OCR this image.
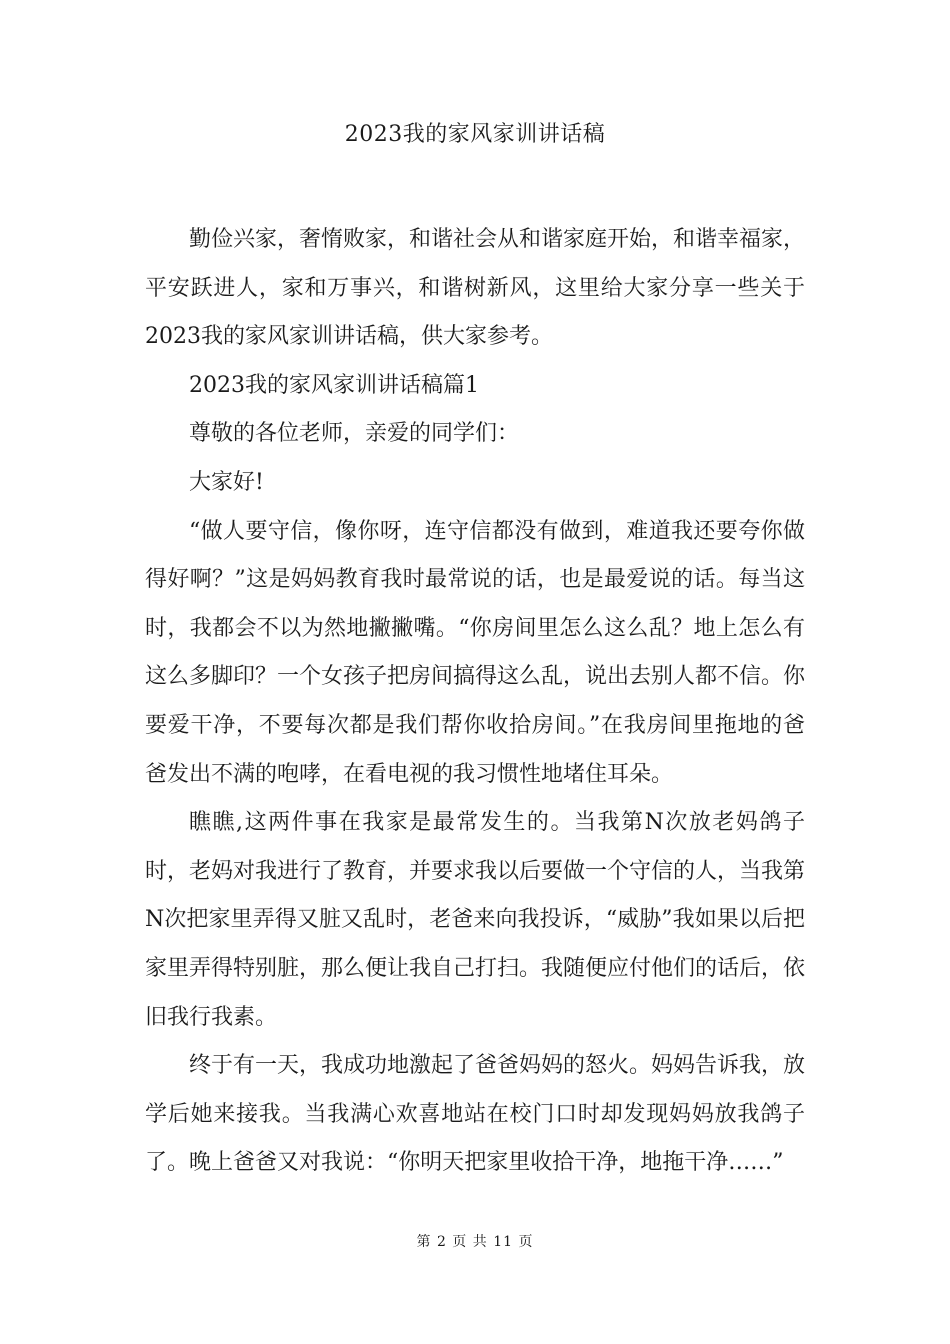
2023我的家风家训讲话稿

勤俭兴家，奢惰败家，和谐社会从和谐家庭开始，和谐幸福家，平安跃进人，家和万事兴，和谐树新风，这里给大家分享一些关于2023我的家风家训讲话稿，供大家参考。

2023我的家风家训讲话稿篇1

尊敬的各位老师，亲爱的同学们：

大家好!

“做人要守信，像你呀，连守信都没有做到，难道我还要夸你做得好啊？”这是妈妈教育我时最常说的话，也是最爱说的话。每当这时，我都会不以为然地撇撇嘴。“你房间里怎么这么乱？地上怎么有这么多脚印？一个女孩子把房间搞得这么乱，说出去别人都不信。你要爱干净，不要每次都是我们帮你收拾房间。”在我房间里拖地的爸爸发出不满的咆哮，在看电视的我习惯性地堵住耳朵。

瞧瞧,这两件事在我家是最常发生的。当我第N次放老妈鸽子时，老妈对我进行了教育，并要求我以后要做一个守信的人，当我第N次把家里弄得又脏又乱时，老爸来向我投诉，“威胁”我如果以后把家里弄得特别脏，那么便让我自己打扫。我随便应付他们的话后，依旧我行我素。

终于有一天，我成功地激起了爸爸妈妈的怒火。妈妈告诉我，放学后她来接我。当我满心欢喜地站在校门口时却发现妈妈放我鸽子了。晚上爸爸又对我说：“你明天把家里收拾干净，地拖干净……”

第 2 页 共 11 页
